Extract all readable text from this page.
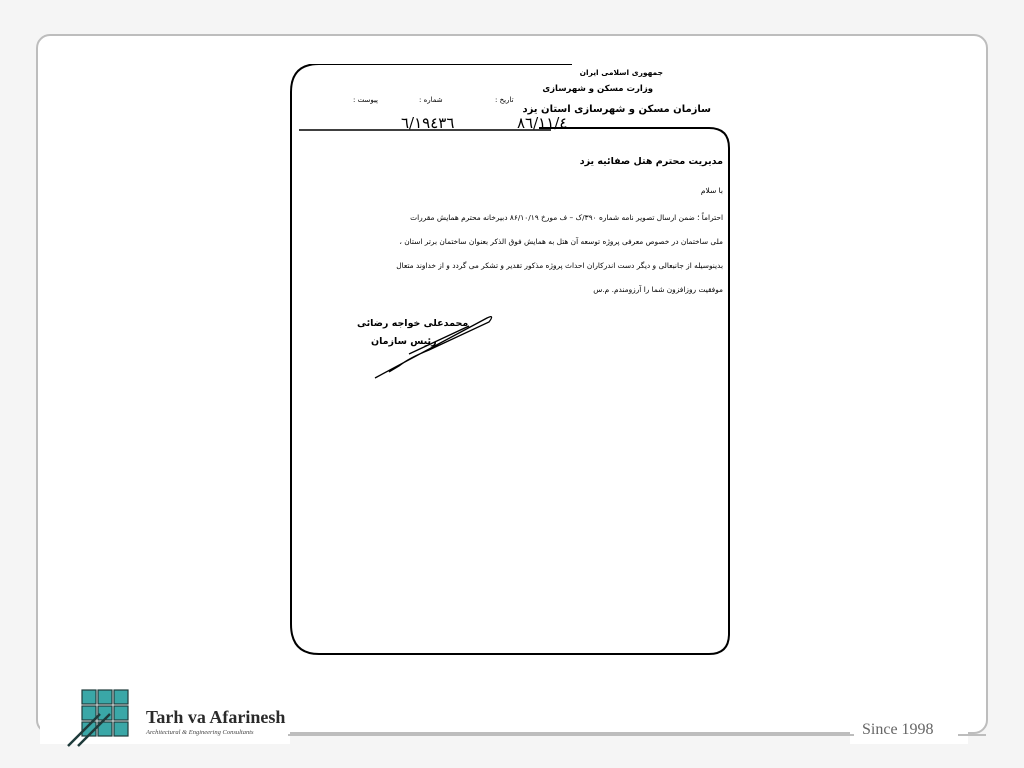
جمهوری اسلامی ایران
وزارت مسکن و شهرسازی
سازمان مسکن و شهرسازی استان یزد
تاریخ :
شماره :
پیوست :
٦/١٩٤٣٦	٨٦/١١/٤
مدیریت محترم هتل صفائیه یزد
با سلام
احتراماً ؛ ضمن ارسال تصویر نامه شماره ۳۹۰/ک – ف مورخ ۸۶/۱۰/۱۹ دبیرخانه محترم همایش مقررات
ملی ساختمان در خصوص معرفی پروژه توسعه آن هتل به همایش فوق الذکر بعنوان ساختمان برتر استان ،
بدینوسیله از جانبعالی و دیگر دست اندرکاران احداث پروژه مذکور تقدیر و تشکر می گردد و از خداوند متعال
موفقیت روزافزون شما را آرزومندم. م.س
محمدعلی خواجه رضائی
رئیس سازمان
Tarh va Afarinesh
Architectural & Engineering Consultants	Since 1998
